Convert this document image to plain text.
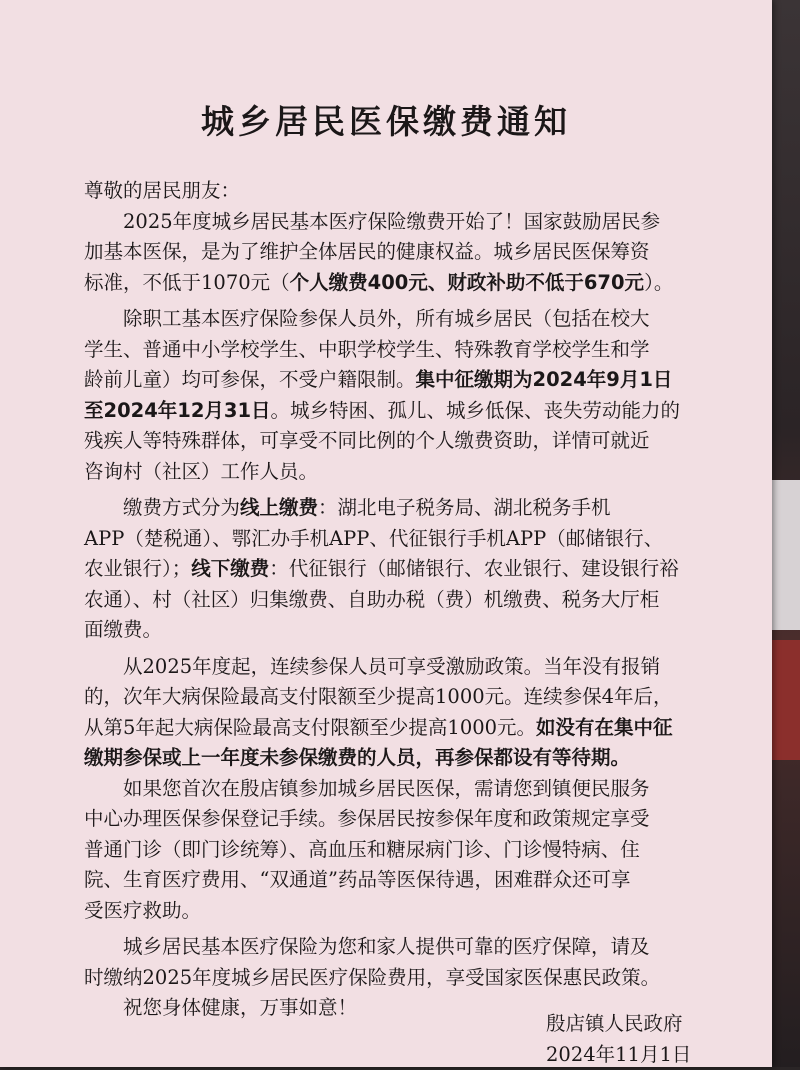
城乡居民医保缴费通知
尊敬的居民朋友：
2025年度城乡居民基本医疗保险缴费开始了！国家鼓励居民参
加基本医保，是为了维护全体居民的健康权益。城乡居民医保筹资
标准，不低于1070元（个人缴费400元、财政补助不低于670元）。
除职工基本医疗保险参保人员外，所有城乡居民（包括在校大
学生、普通中小学校学生、中职学校学生、特殊教育学校学生和学
龄前儿童）均可参保，不受户籍限制。集中征缴期为2024年9月1日
至2024年12月31日。城乡特困、孤儿、城乡低保、丧失劳动能力的
残疾人等特殊群体，可享受不同比例的个人缴费资助，详情可就近
咨询村（社区）工作人员。
缴费方式分为线上缴费：湖北电子税务局、湖北税务手机
APP（楚税通）、鄂汇办手机APP、代征银行手机APP（邮储银行、
农业银行）；线下缴费：代征银行（邮储银行、农业银行、建设银行裕
农通）、村（社区）归集缴费、自助办税（费）机缴费、税务大厅柜
面缴费。
从2025年度起，连续参保人员可享受激励政策。当年没有报销
的，次年大病保险最高支付限额至少提高1000元。连续参保4年后，
从第5年起大病保险最高支付限额至少提高1000元。如没有在集中征
缴期参保或上一年度未参保缴费的人员，再参保都设有等待期。
如果您首次在殷店镇参加城乡居民医保，需请您到镇便民服务
中心办理医保参保登记手续。参保居民按参保年度和政策规定享受
普通门诊（即门诊统筹）、高血压和糖尿病门诊、门诊慢特病、住
院、生育医疗费用、“双通道”药品等医保待遇，困难群众还可享
受医疗救助。
城乡居民基本医疗保险为您和家人提供可靠的医疗保障，请及
时缴纳2025年度城乡居民医疗保险费用，享受国家医保惠民政策。
祝您身体健康，万事如意！
殷店镇人民政府
2024年11月1日
